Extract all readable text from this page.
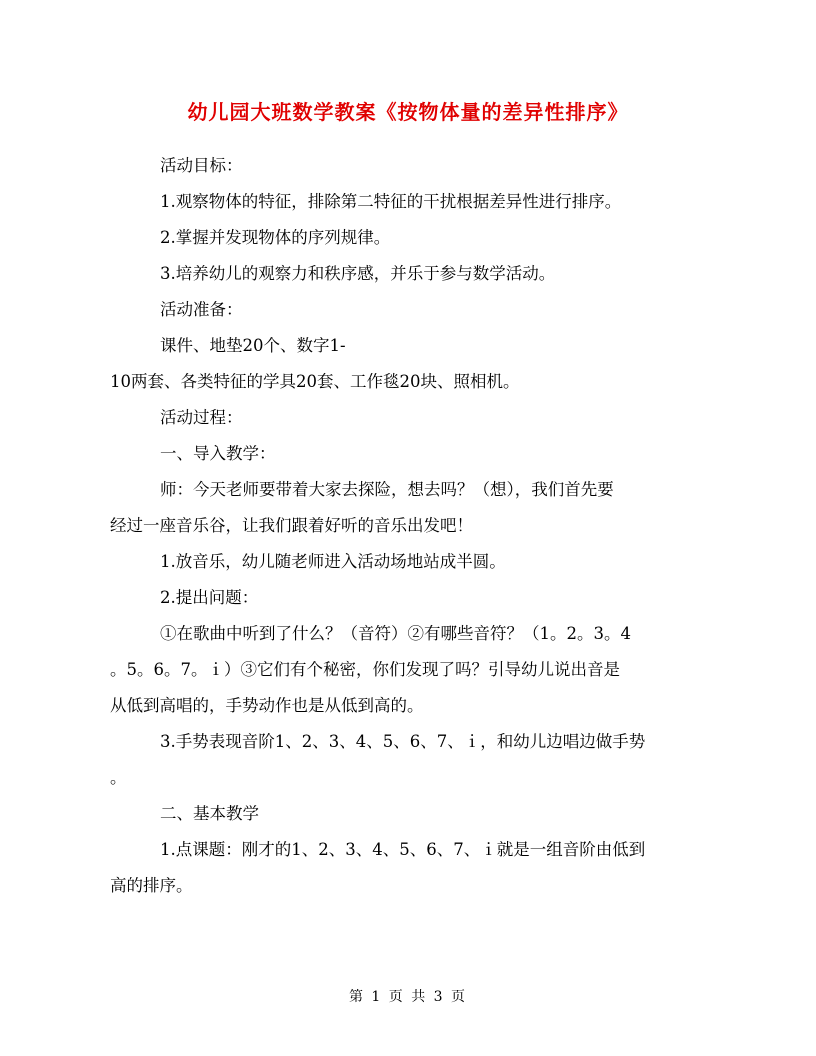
幼儿园大班数学教案《按物体量的差异性排序》

活动目标：

1.观察物体的特征，排除第二特征的干扰根据差异性进行排序。

2.掌握并发现物体的序列规律。

3.培养幼儿的观察力和秩序感，并乐于参与数学活动。

活动准备：

课件、地垫20个、数字1-

10两套、各类特征的学具20套、工作毯20块、照相机。

活动过程：

一、导入教学：

师：今天老师要带着大家去探险，想去吗？（想），我们首先要

经过一座音乐谷，让我们跟着好听的音乐出发吧！

1.放音乐，幼儿随老师进入活动场地站成半圆。

2.提出问题：

①在歌曲中听到了什么？（音符）②有哪些音符？（1。2。3。4

。5。6。7。ｉ）③它们有个秘密，你们发现了吗？引导幼儿说出音是

从低到高唱的，手势动作也是从低到高的。

3.手势表现音阶1、2、3、4、5、6、7、ｉ，和幼儿边唱边做手势

。

二、基本教学

1.点课题：刚才的1、2、3、4、5、6、7、ｉ就是一组音阶由低到

高的排序。

第 1 页 共 3 页
